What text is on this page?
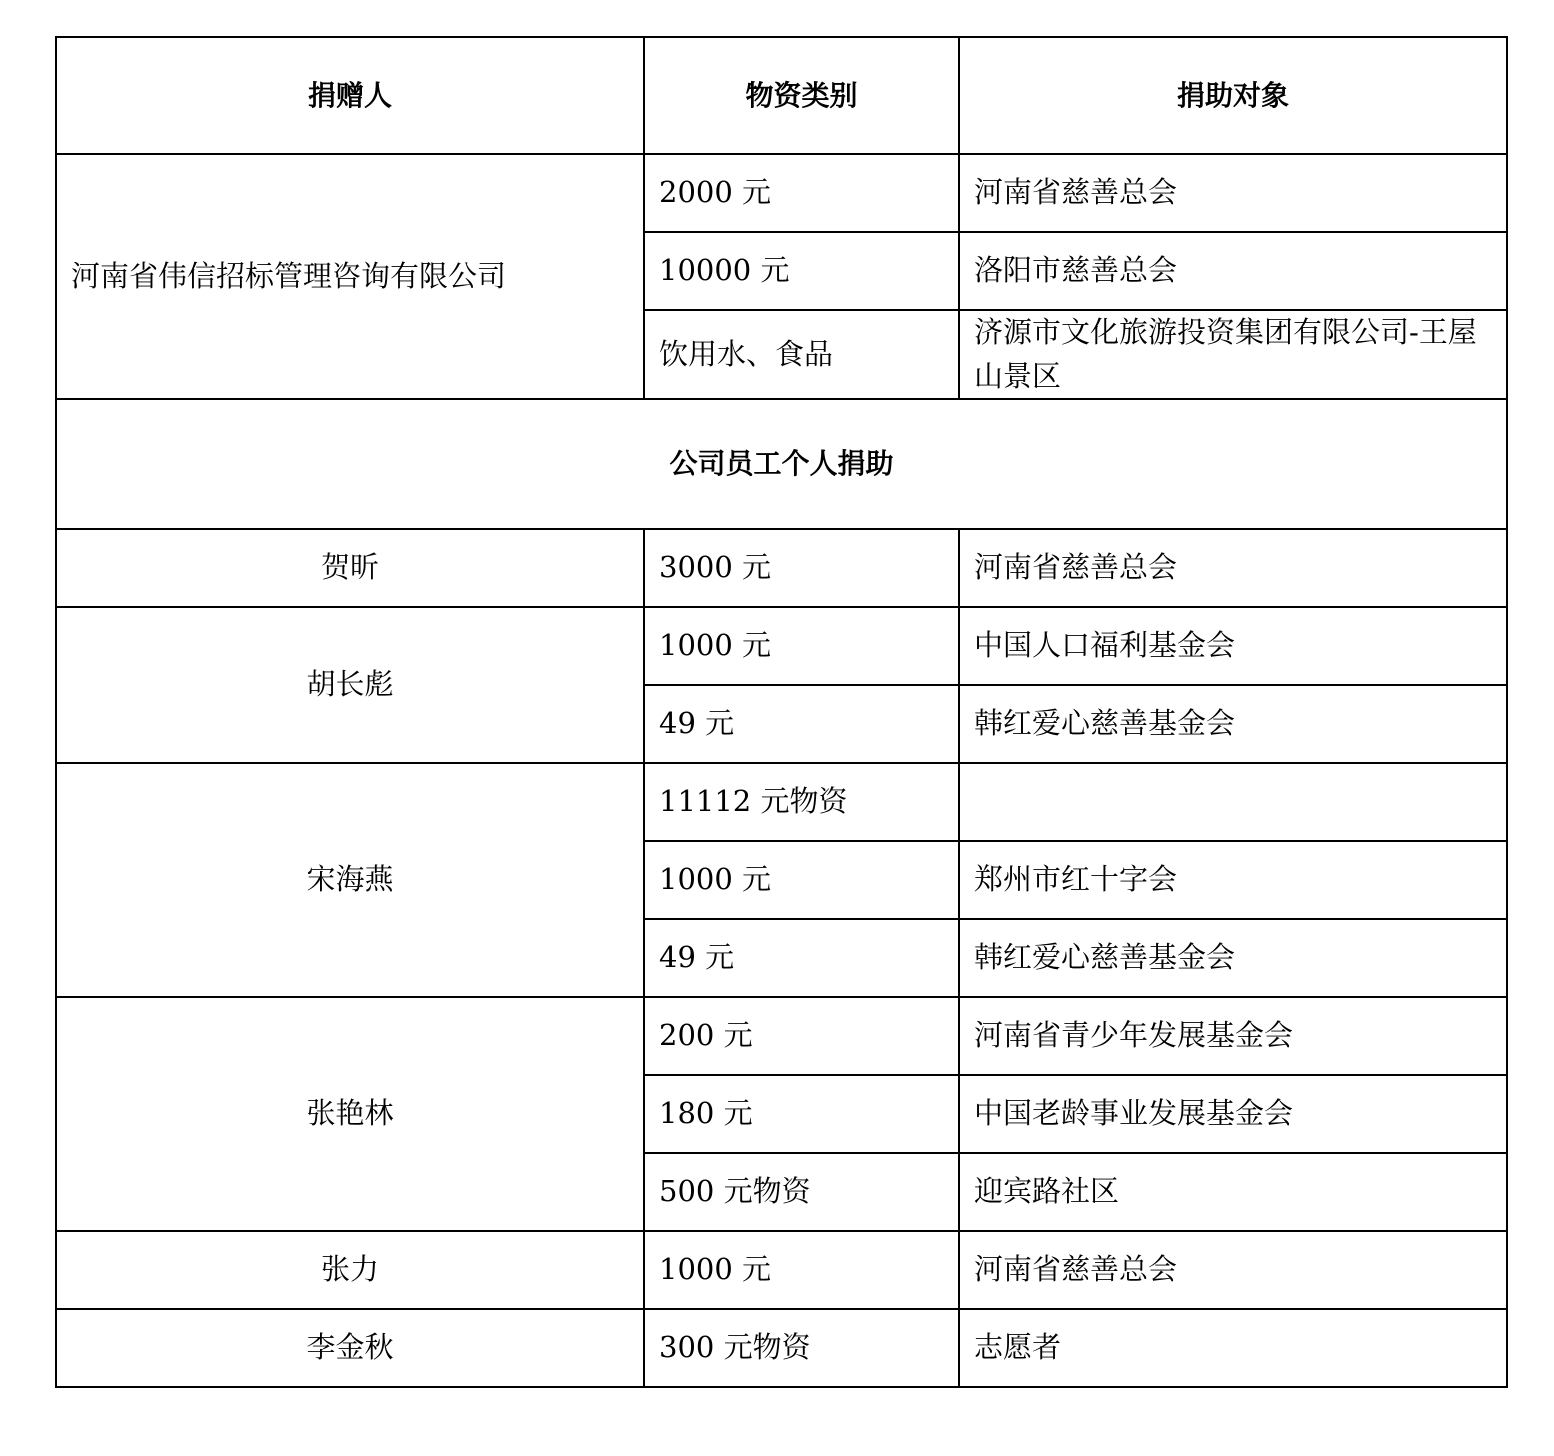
捐赠人	物资类别	捐助对象
河南省伟信招标管理咨询有限公司	2000 元	河南省慈善总会
	10000 元	洛阳市慈善总会
	饮用水、食品	济源市文化旅游投资集团有限公司-王屋山景区
公司员工个人捐助		
贺昕	3000 元	河南省慈善总会
胡长彪	1000 元	中国人口福利基金会
	49 元	韩红爱心慈善基金会
宋海燕	11112 元物资	
	1000 元	郑州市红十字会
	49 元	韩红爱心慈善基金会
张艳林	200 元	河南省青少年发展基金会
	180 元	中国老龄事业发展基金会
	500 元物资	迎宾路社区
张力	1000 元	河南省慈善总会
李金秋	300 元物资	志愿者
